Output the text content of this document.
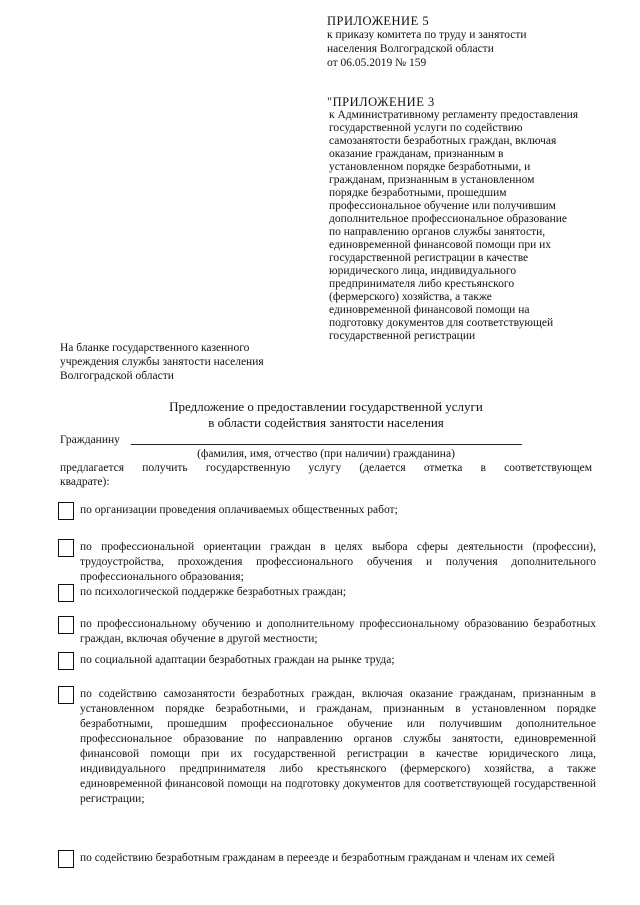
ПРИЛОЖЕНИЕ 5
к приказу комитета по труду и занятости
населения Волгоградской области
от 06.05.2019 № 159
"ПРИЛОЖЕНИЕ 3
к Административному регламенту предоставления
государственной услуги по содействию
самозанятости безработных граждан, включая
оказание гражданам, признанным в
установленном порядке безработными, и
гражданам, признанным в установленном
порядке безработными, прошедшим
профессиональное обучение или получившим
дополнительное профессиональное образование
по направлению органов службы занятости,
единовременной финансовой помощи при их
государственной регистрации в качестве
юридического лица, индивидуального
предпринимателя либо крестьянского
(фермерского) хозяйства, а также
единовременной финансовой помощи на
подготовку документов для соответствующей
государственной регистрации
На бланке государственного казенного
учреждения службы занятости населения
Волгоградской области
Предложение о предоставлении государственной услуги
в области содействия занятости населения
Гражданину
(фамилия, имя, отчество (при наличии) гражданина)
предлагается получить государственную услугу (делается отметка в соответствующем
квадрате):
по организации проведения оплачиваемых общественных работ;
по профессиональной ориентации граждан в целях выбора сферы деятельности (профессии), трудоустройства, прохождения профессионального обучения и получения дополнительного профессионального образования;
по психологической поддержке безработных граждан;
по профессиональному обучению и дополнительному профессиональному образованию безработных граждан, включая обучение в другой местности;
по социальной адаптации безработных граждан на рынке труда;
по содействию самозанятости безработных граждан, включая оказание гражданам, признанным в установленном порядке безработными, и гражданам, признанным в установленном порядке безработными, прошедшим профессиональное обучение или получившим дополнительное профессиональное образование по направлению органов службы занятости, единовременной финансовой помощи при их государственной регистрации в качестве юридического лица, индивидуального предпринимателя либо крестьянского (фермерского) хозяйства, а также единовременной финансовой помощи на подготовку документов для соответствующей государственной регистрации;
по содействию безработным гражданам в переезде и безработным гражданам и членам их семей
